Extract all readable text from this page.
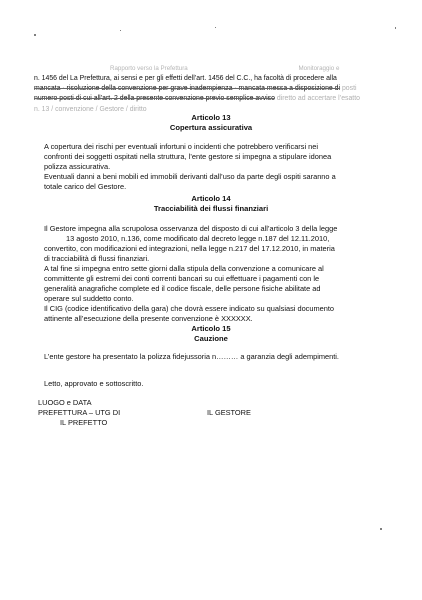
Rapporto verso la Prefettura	Monitoraggio e
n. 1456 del La Prefettura, ai sensi e per gli effetti dell’art. 1456 del C.C., ha facoltà di procedere alla
mancata · risoluzione della convenzione per grave inadempienza · mancata messa a disposizione di posti
numero posti di cui all’art. 2 della presente convenzione previo semplice avviso diretto ad accertare l’esatto
n. 13 / convenzione / Gestore / diritto
Articolo 13
Copertura assicurativa
A copertura dei rischi per eventuali infortuni o incidenti che potrebbero verificarsi nei
confronti dei soggetti ospitati nella struttura, l’ente gestore si impegna a stipulare idonea
polizza assicurativa.
Eventuali danni a beni mobili ed immobili derivanti dall’uso da parte degli ospiti saranno a
totale carico del Gestore.
Articolo 14
Tracciabilità dei flussi finanziari
Il Gestore impegna alla scrupolosa osservanza del disposto di cui all’articolo 3 della legge
13 agosto 2010, n.136, come modificato dal decreto legge n.187 del 12.11.2010,
convertito, con modificazioni ed integrazioni, nella legge n.217 del 17.12.2010, in materia
di tracciabilità di flussi finanziari.
A tal fine si impegna entro sette giorni dalla stipula della convenzione a comunicare al
committente gli estremi dei conti correnti bancari su cui effettuare i pagamenti con le
generalità anagrafiche complete ed il codice fiscale, delle persone fisiche abilitate ad
operare sul suddetto conto.
Il CIG (codice identificativo della gara) che dovrà essere indicato su qualsiasi documento
attinente all’esecuzione della presente convenzione è XXXXXX.
Articolo 15
Cauzione
L’ente gestore ha presentato la polizza fidejussoria n……… a garanzia degli adempimenti.
Letto, approvato e sottoscritto.
LUOGO e DATA
PREFETTURA – UTG DI
IL PREFETTO
IL GESTORE
